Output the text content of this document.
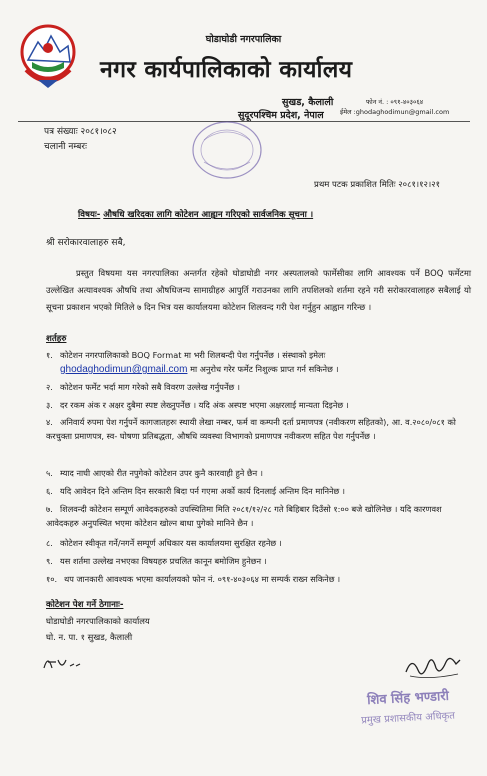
घोडाघोडी नगरपालिका
नगर कार्यपालिकाको कार्यालय
सुखड, कैलाली
सुदूरपश्चिम प्रदेश, नेपाल
फोन नं. : ०९१-४०३०६४
ईमेल :ghodaghodimun@gmail.com
पत्र संख्याः २०८१।०८२
चलानी नम्बरः
प्रथम पटक प्रकाशित मितिः २०८१।१२।२१
विषयः- औषधि खरिदका लागि कोटेशन आह्वान गरिएको सार्वजनिक सूचना ।
श्री सरोकारवालाहरु सबै,
प्रस्तुत विषयमा यस नगरपालिका अन्तर्गत रहेको घोडाघोडी नगर अस्पतालको फार्मेसीका लागि आवश्यक पर्ने BOQ फर्मेटमा उल्लेखित अत्यावश्यक औषधि तथा औषधिजन्य सामाग्रीहरु आपुर्ति गराउनका लागि तपशिलको शर्तमा रहने गरी सरोकारवालाहरु सबैलाई यो सूचना प्रकाशन भएको मितिले ७ दिन भित्र यस कार्यालयमा कोटेशन शिलवन्द गरी पेश गर्नुहुन आह्वान गरिन्छ ।
शर्तहरु
१. कोटेशन नगरपालिकाको BOQ Format मा भरी शिलबन्दी पेश गर्नुपर्नेछ । संस्थाको इमेलः
ghodaghodimun@gmail.com मा अनुरोध गरेर फर्मेट निशुल्क प्राप्त गर्न सकिनेछ ।
२. कोटेशन फर्मेट भर्दा माग गरेको सबै विवरण उल्लेख गर्नुपर्नेछ ।
३. दर रकम अंक र अक्षर दुबैमा स्पष्ट लेख्नुपर्नेछ । यदि अंक अस्पष्ट भएमा अक्षरलाई मान्यता दिइनेछ ।
४. अनिवार्य रुपमा पेश गर्नुपर्ने कागजातहरुः स्थायी लेखा नम्बर, फर्म वा कम्पनी दर्ता प्रमाणपत्र (नवीकरण सहितको), आ. व.२०८०/०८१ को करचुक्ता प्रमाणपत्र, स्व- घोषणा प्रतिबद्धता, औषधि व्यवस्था विभागको प्रमाणपत्र नवीकरण सहित पेश गर्नुपर्नेछ ।
५. म्याद नाघी आएको रीत नपुगेको कोटेशन उपर कुनै कारवाही हुने छैन ।
६. यदि आवेदन दिने अन्तिम दिन सरकारी बिदा पर्न गएमा अर्को कार्य दिनलाई अन्तिम दिन मानिनेछ ।
७. शिलवन्दी कोटेशन सम्पूर्ण आवेदकहरुको उपस्थितिमा मिति २०८१/१२/२८ गते बिहिबार दिउँसो १:०० बजे खोलिनेछ । यदि कारणवश आवेदकहरु अनुपस्थित भएमा कोटेशन खोल्न बाधा पुगेको मानिने छैन ।
८. कोटेशन स्वीकृत गर्ने/नगर्ने सम्पूर्ण अधिकार यस कार्यालयमा सुरक्षित रहनेछ ।
९. यस शर्तमा उल्लेख नभएका विषयहरु प्रचलित कानून बमोजिम हुनेछन ।
१०. थप जानकारी आवश्यक भएमा कार्यालयको फोन नं. ०९१-४०३०६४ मा सम्पर्क राख्न सकिनेछ ।
कोटेशन पेश गर्ने ठेगानाः-
घोडाघोडी नगरपालिकाको कार्यालय
घो. न. पा. १ सुखड, कैलाली
शिव सिंह भण्डारी
प्रमुख प्रशासकीय अधिकृत
